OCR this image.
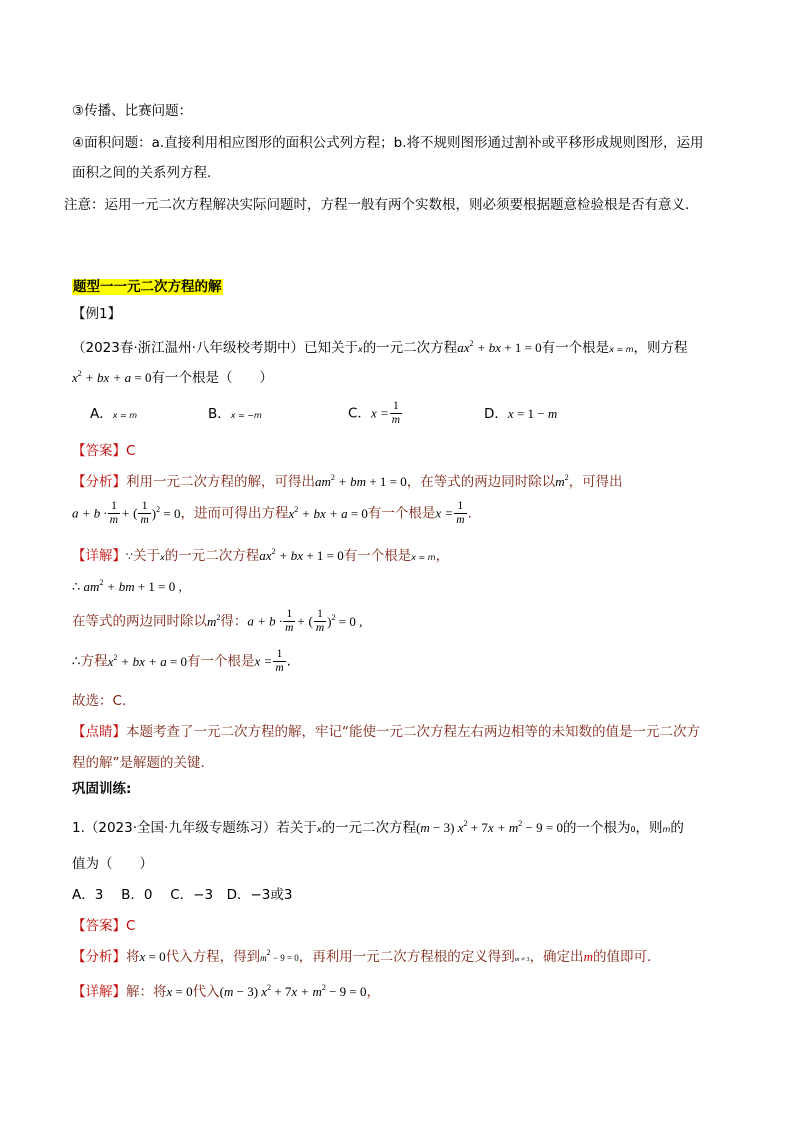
③传播、比赛问题：
④面积问题：a.直接利用相应图形的面积公式列方程；b.将不规则图形通过割补或平移形成规则图形，运用
面积之间的关系列方程.
注意：运用一元二次方程解决实际问题时，方程一般有两个实数根，则必须要根据题意检验根是否有意义.
题型一一元二次方程的解
【例1】
（2023春·浙江温州·八年级校考期中）已知关于x的一元二次方程$ax^2$ + bx + 1 = 0有一个根是x = m，则方程
$x^2$ + bx + a = 0有一个根是（　　）
A．x = m	B．x = −m	C．$x = \frac{1}{m}$	D．x = 1 − m
【答案】C
【分析】利用一元二次方程的解，可得出$am^2$ + bm + 1 = 0，在等式的两边同时除以$m^2$，可得出
$a + b \cdot \frac{1}{m}$ + ( $\frac{1}{m} )^2 = 0$，进而可得出方程$x^2$ + bx + a = 0有一个根是$x = \frac{1}{m}$ .
【详解】∵关于x的一元二次方程$ax^2$ + bx + 1 = 0有一个根是x = m，
∴ $am^2$ + bm + 1 = 0 ,
在等式的两边同时除以$m^2$得：$a + b \cdot \frac{1}{m}$ + ( $\frac{1}{m} )^2 = 0$ ,
∴方程$x^2$ + bx + a = 0有一个根是$x = \frac{1}{m}$ .
故选：C.
【点睛】本题考查了一元二次方程的解，牢记“能使一元二次方程左右两边相等的未知数的值是一元二次方
程的解”是解题的关键.
巩固训练:
1.（2023·全国·九年级专题练习）若关于x的一元二次方程(m − 3) $x^2 + 7x + m^2 - 9 = 0$的一个根为0，则m的
值为（　　）
A．3　 B．0　 C．−3　D．−3或3
【答案】C
【分析】将x = 0代入方程，得到$m^2 - 9 = 0$，再利用一元二次方程根的定义得到m ≠ 3，确定出m的值即可.
【详解】解：将x = 0代入(m − 3) $x^2 + 7x + m^2 - 9 = 0$，
